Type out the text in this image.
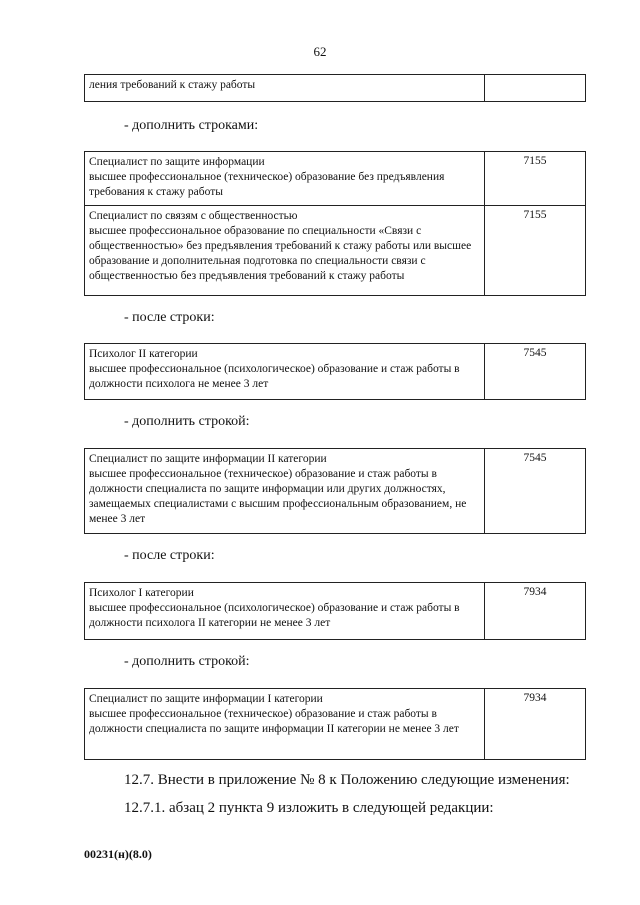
62
ления требований к стажу работы
- дополнить строками:
Специалист по защите информации
высшее профессиональное (техническое) образование без предъявления требования к стажу работы
7155
Специалист по связям с общественностью
высшее профессиональное образование по специальности «Связи с общественностью» без предъявления требований к стажу работы или высшее образование и дополнительная подготовка по специальности связи с общественностью без предъявления требований к стажу работы
7155
- после строки:
Психолог II категории
высшее профессиональное (психологическое) образование и стаж работы в должности психолога не менее 3 лет
7545
- дополнить строкой:
Специалист по защите информации II категории
высшее профессиональное (техническое) образование и стаж работы в должности специалиста по защите информации или других должностях, замещаемых специалистами с высшим профессиональным образованием, не менее 3 лет
7545
- после строки:
Психолог I категории
высшее профессиональное (психологическое) образование и стаж работы в должности психолога II категории не менее 3 лет
7934
- дополнить строкой:
Специалист по защите информации I категории
высшее профессиональное (техническое) образование и стаж работы в должности специалиста по защите информации II категории не менее 3 лет
7934
12.7. Внести в приложение № 8 к Положению следующие изменения:
12.7.1. абзац 2 пункта 9 изложить в следующей редакции:
00231(н)(8.0)
